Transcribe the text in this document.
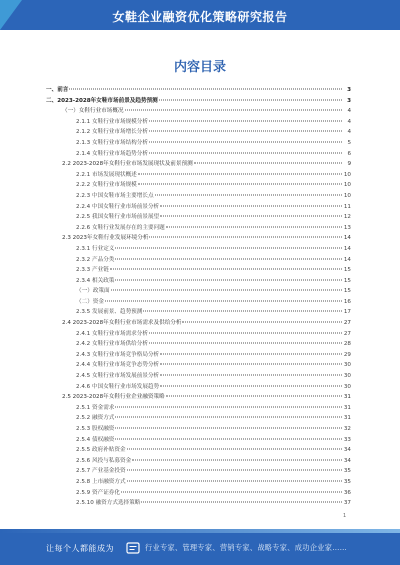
女鞋企业融资优化策略研究报告
内容目录
一、前言	3
二、2023-2028年女鞋市场前景及趋势预测	3
（一）女鞋行业市场概况	4
2.1.1 女鞋行业市场规模分析	4
2.1.2 女鞋行业市场增长分析	4
2.1.3 女鞋行业市场结构分析	5
2.1.4 女鞋行业市场趋势分析	6
2.2 2023-2028年女鞋行业市场发展现状及前景预测	9
2.2.1 市场发展现状概述	10
2.2.2 女鞋行业市场规模	10
2.2.3 中国女鞋市场主要增长点	10
2.2.4 中国女鞋行业市场前景分析	11
2.2.5 我国女鞋行业市场前景展望	12
2.2.6 女鞋行业发展存在的主要问题	13
2.3 2023年女鞋行业发展环境分析	14
2.3.1 行业定义	14
2.3.2 产品分类	14
2.3.3 产业链	15
2.3.4 相关政策	15
（一）政策面	15
（二）资金	16
2.3.5 发展前景、趋势预测	17
2.4 2023-2028年女鞋行业市场需求及供给分析	27
2.4.1 女鞋行业市场需求分析	27
2.4.2 女鞋行业市场供给分析	28
2.4.3 女鞋行业市场竞争格局分析	29
2.4.4 女鞋行业市场竞争态势分析	30
2.4.5 女鞋行业市场发展前景分析	30
2.4.6 中国女鞋行业市场发展趋势	30
2.5 2023-2028年女鞋行业企业融资策略	31
2.5.1 资金需求	31
2.5.2 融资方式	31
2.5.3 股权融资	32
2.5.4 债权融资	33
2.5.5 政府补贴资金	34
2.5.6 风投与私募资金	34
2.5.7 产业基金投资	35
2.5.8 上市融资方式	35
2.5.9 资产证券化	36
2.5.10 融资方式选择策略	37
1
让每个人都能成为	行业专家、管理专家、营销专家、战略专家、成功企业家……
